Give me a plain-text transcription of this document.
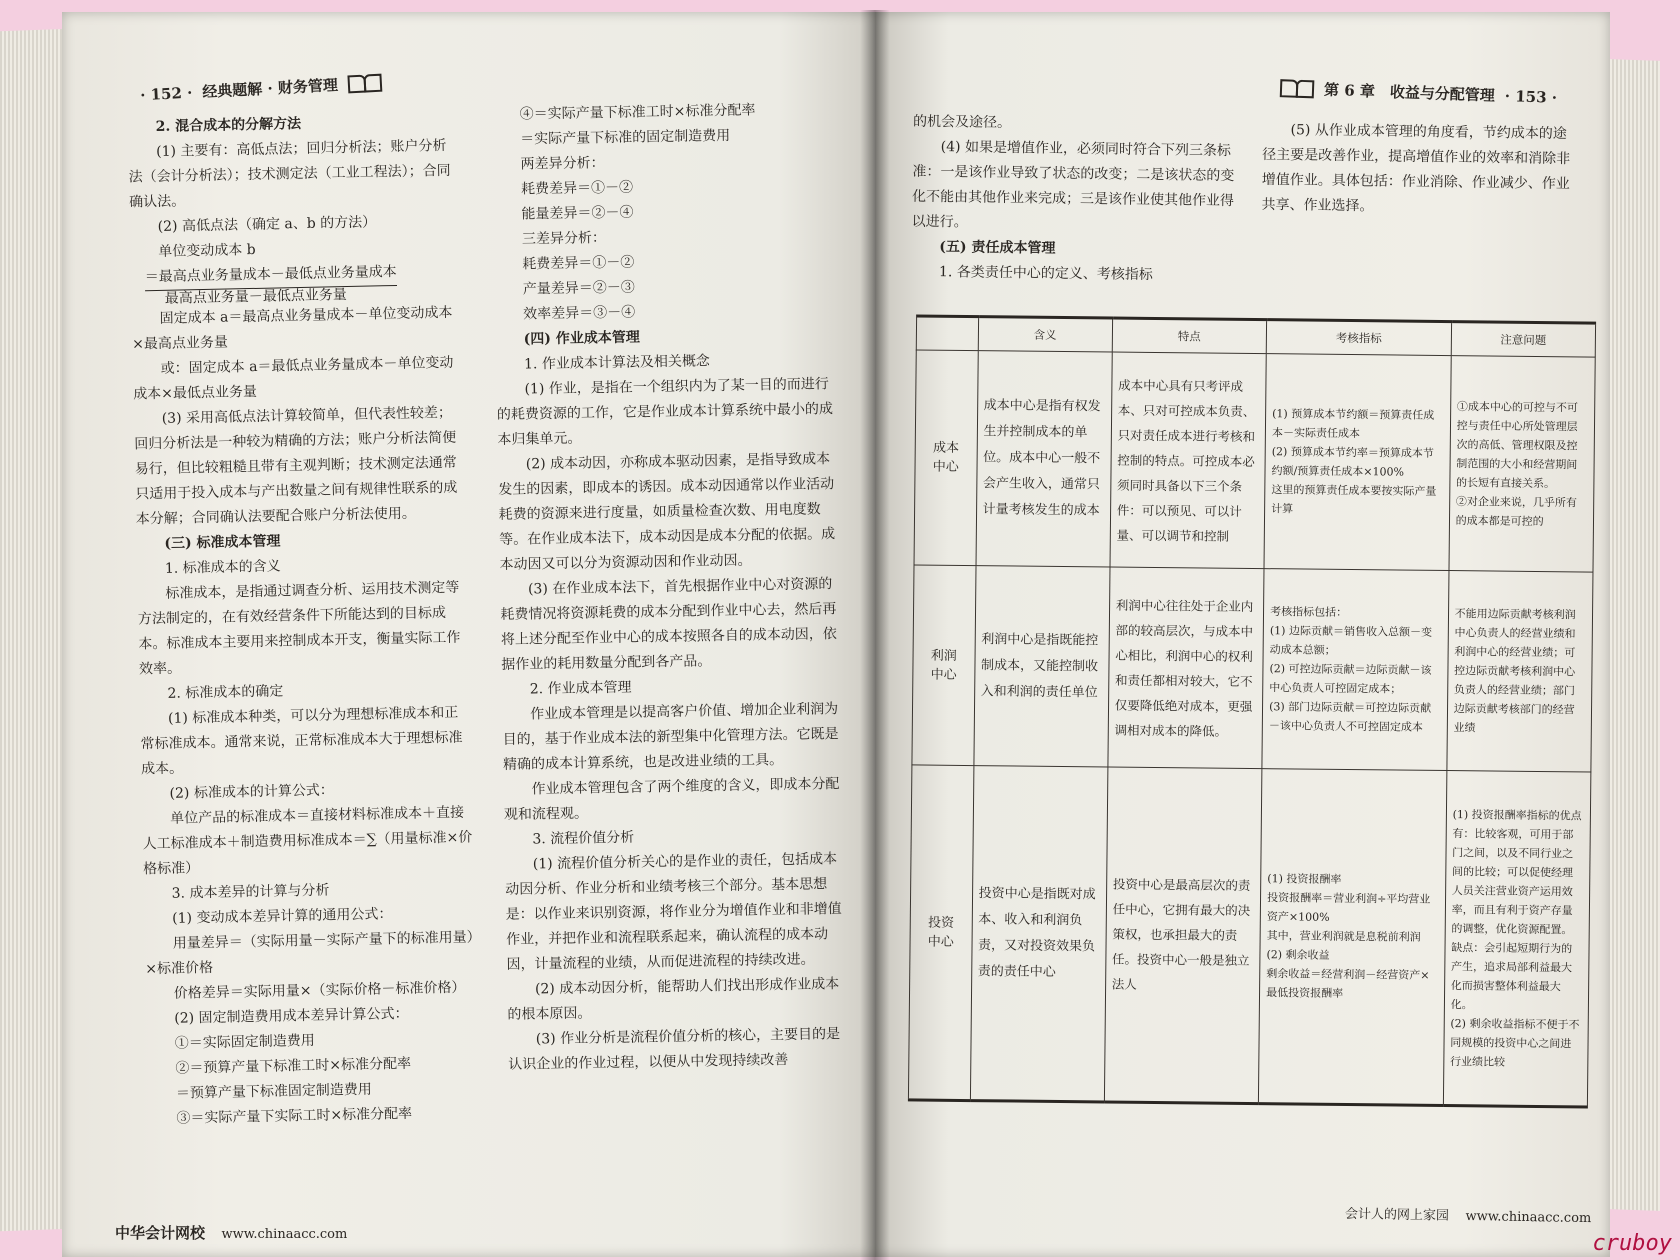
· 152 · 经典题解 · 财务管理

2. 混合成本的分解方法

(1) 主要有：高低点法；回归分析法；账户分析法（会计分析法）；技术测定法（工业工程法）；合同确认法。

(2) 高低点法（确定 a、b 的方法）

单位变动成本 b

＝最高点业务量成本－最低点业务量成本
最高点业务量－最低点业务量

固定成本 a＝最高点业务量成本－单位变动成本×最高点业务量

或：固定成本 a＝最低点业务量成本－单位变动成本×最低点业务量

(3) 采用高低点法计算较简单，但代表性较差；回归分析法是一种较为精确的方法；账户分析法简便易行，但比较粗糙且带有主观判断；技术测定法通常只适用于投入成本与产出数量之间有规律性联系的成本分解；合同确认法要配合账户分析法使用。

(三) 标准成本管理

1. 标准成本的含义

标准成本，是指通过调查分析、运用技术测定等方法制定的，在有效经营条件下所能达到的目标成本。标准成本主要用来控制成本开支，衡量实际工作效率。

2. 标准成本的确定

(1) 标准成本种类，可以分为理想标准成本和正常标准成本。通常来说，正常标准成本大于理想标准成本。

(2) 标准成本的计算公式：

单位产品的标准成本＝直接材料标准成本＋直接人工标准成本＋制造费用标准成本＝∑（用量标准×价格标准）

3. 成本差异的计算与分析

(1) 变动成本差异计算的通用公式：

用量差异＝（实际用量－实际产量下的标准用量）×标准价格

价格差异＝实际用量×（实际价格－标准价格）

(2) 固定制造费用成本差异计算公式：

①＝实际固定制造费用

②＝预算产量下标准工时×标准分配率

＝预算产量下标准固定制造费用

③＝实际产量下实际工时×标准分配率

④＝实际产量下标准工时×标准分配率

＝实际产量下标准的固定制造费用

两差异分析：

耗费差异＝①－②

能量差异＝②－④

三差异分析：

耗费差异＝①－②

产量差异＝②－③

效率差异＝③－④

(四) 作业成本管理

1. 作业成本计算法及相关概念

(1) 作业，是指在一个组织内为了某一目的而进行的耗费资源的工作，它是作业成本计算系统中最小的成本归集单元。

(2) 成本动因，亦称成本驱动因素，是指导致成本发生的因素，即成本的诱因。成本动因通常以作业活动耗费的资源来进行度量，如质量检查次数、用电度数等。在作业成本法下，成本动因是成本分配的依据。成本动因又可以分为资源动因和作业动因。

(3) 在作业成本法下，首先根据作业中心对资源的耗费情况将资源耗费的成本分配到作业中心去，然后再将上述分配至作业中心的成本按照各自的成本动因，依据作业的耗用数量分配到各产品。

2. 作业成本管理

作业成本管理是以提高客户价值、增加企业利润为目的，基于作业成本法的新型集中化管理方法。它既是精确的成本计算系统，也是改进业绩的工具。

作业成本管理包含了两个维度的含义，即成本分配观和流程观。

3. 流程价值分析

(1) 流程价值分析关心的是作业的责任，包括成本动因分析、作业分析和业绩考核三个部分。基本思想是：以作业来识别资源，将作业分为增值作业和非增值作业，并把作业和流程联系起来，确认流程的成本动因，计量流程的业绩，从而促进流程的持续改进。

(2) 成本动因分析，能帮助人们找出形成作业成本的根本原因。

(3) 作业分析是流程价值分析的核心，主要目的是认识企业的作业过程，以便从中发现持续改善

中华会计网校 www.chinaacc.com
第 6 章　收益与分配管理 · 153 ·

的机会及途径。

(4) 如果是增值作业，必须同时符合下列三条标准：一是该作业导致了状态的改变；二是该状态的变化不能由其他作业来完成；三是该作业使其他作业得以进行。

(五) 责任成本管理

1. 各类责任中心的定义、考核指标

(5) 从作业成本管理的角度看，节约成本的途径主要是改善作业，提高增值作业的效率和消除非增值作业。具体包括：作业消除、作业减少、作业共享、作业选择。

	含义	特点	考核指标	注意问题
成本
中心	成本中心是指有权发生并控制成本的单位。成本中心一般不会产生收入，通常只计量考核发生的成本	成本中心具有只考评成本、只对可控成本负责、只对责任成本进行考核和控制的特点。可控成本必须同时具备以下三个条件：可以预见、可以计量、可以调节和控制	(1) 预算成本节约额＝预算责任成本－实际责任成本
(2) 预算成本节约率＝预算成本节约额/预算责任成本×100%
这里的预算责任成本要按实际产量计算	①成本中心的可控与不可控与责任中心所处管理层次的高低、管理权限及控制范围的大小和经营期间的长短有直接关系。
②对企业来说，几乎所有的成本都是可控的
利润
中心	利润中心是指既能控制成本，又能控制收入和利润的责任单位	利润中心往往处于企业内部的较高层次，与成本中心相比，利润中心的权利和责任都相对较大，它不仅要降低绝对成本，更强调相对成本的降低。	考核指标包括：
(1) 边际贡献＝销售收入总额－变动成本总额；
(2) 可控边际贡献＝边际贡献－该中心负责人可控固定成本；
(3) 部门边际贡献＝可控边际贡献－该中心负责人不可控固定成本	不能用边际贡献考核利润中心负责人的经营业绩和利润中心的经营业绩；可控边际贡献考核利润中心负责人的经营业绩；部门边际贡献考核部门的经营业绩
投资
中心	投资中心是指既对成本、收入和利润负责，又对投资效果负责的责任中心	投资中心是最高层次的责任中心，它拥有最大的决策权，也承担最大的责任。投资中心一般是独立法人	(1) 投资报酬率
投资报酬率＝营业利润÷平均营业资产×100%
其中，营业利润就是息税前利润
(2) 剩余收益
剩余收益＝经营利润－经营资产×最低投资报酬率	(1) 投资报酬率指标的优点有：比较客观，可用于部门之间，以及不同行业之间的比较；可以促使经理人员关注营业资产运用效率，而且有利于资产存量的调整，优化资源配置。缺点：会引起短期行为的产生，追求局部利益最大化而损害整体利益最大化。
(2) 剩余收益指标不便于不同规模的投资中心之间进行业绩比较
会计人的网上家园 www.chinaacc.com
cruboy
